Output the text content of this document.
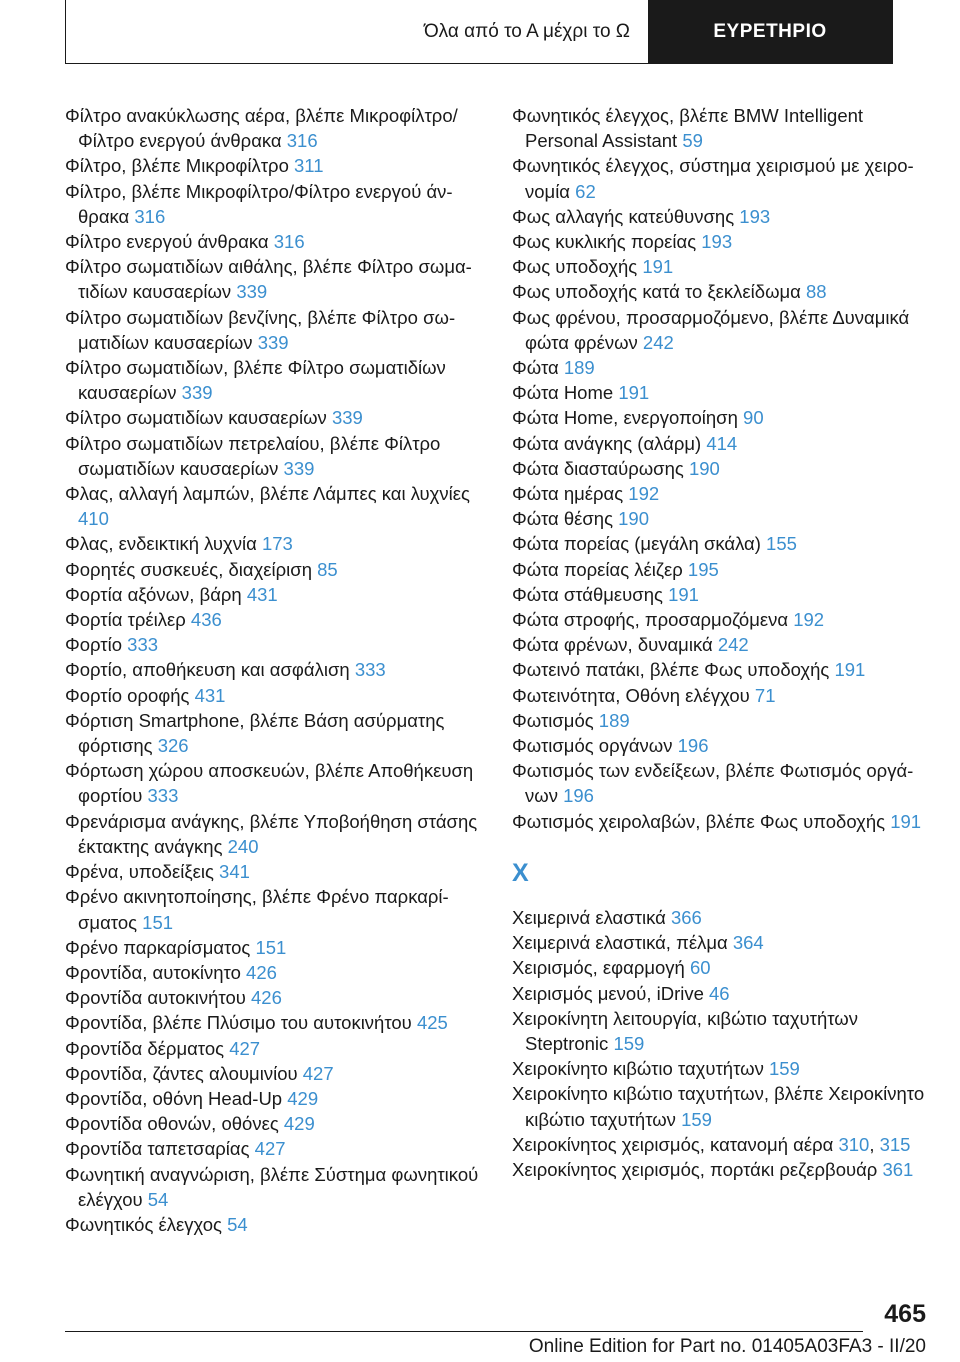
Όλα από το Α μέχρι το Ω	ΕΥΡΕΤΗΡΙΟ

Φίλτρο ανακύκλωσης αέρα, βλέπε Μικροφίλτρο/Φίλτρο ενεργού άνθρακα 316

Φίλτρο, βλέπε Μικροφίλτρο 311

Φίλτρο, βλέπε Μικροφίλτρο/Φίλτρο ενεργού άνθρακα 316

Φίλτρο ενεργού άνθρακα 316

Φίλτρο σωματιδίων αιθάλης, βλέπε Φίλτρο σωματιδίων καυσαερίων 339

Φίλτρο σωματιδίων βενζίνης, βλέπε Φίλτρο σωματιδίων καυσαερίων 339

Φίλτρο σωματιδίων, βλέπε Φίλτρο σωματιδίων καυσαερίων 339

Φίλτρο σωματιδίων καυσαερίων 339

Φίλτρο σωματιδίων πετρελαίου, βλέπε Φίλτρο σωματιδίων καυσαερίων 339

Φλας, αλλαγή λαμπών, βλέπε Λάμπες και λυχνίες 410

Φλας, ενδεικτική λυχνία 173

Φορητές συσκευές, διαχείριση 85

Φορτία αξόνων, βάρη 431

Φορτία τρέιλερ 436

Φορτίο 333

Φορτίο, αποθήκευση και ασφάλιση 333

Φορτίο οροφής 431

Φόρτιση Smartphone, βλέπε Βάση ασύρματης φόρτισης 326

Φόρτωση χώρου αποσκευών, βλέπε Αποθήκευση φορτίου 333

Φρενάρισμα ανάγκης, βλέπε Υποβοήθηση στάσης έκτακτης ανάγκης 240

Φρένα, υποδείξεις 341

Φρένο ακινητοποίησης, βλέπε Φρένο παρκαρίσματος 151

Φρένο παρκαρίσματος 151

Φροντίδα, αυτοκίνητο 426

Φροντίδα αυτοκινήτου 426

Φροντίδα, βλέπε Πλύσιμο του αυτοκινήτου 425

Φροντίδα δέρματος 427

Φροντίδα, ζάντες αλουμινίου 427

Φροντίδα, οθόνη Head-Up 429

Φροντίδα οθονών, οθόνες 429

Φροντίδα ταπετσαρίας 427

Φωνητική αναγνώριση, βλέπε Σύστημα φωνητικού ελέγχου 54

Φωνητικός έλεγχος 54

Φωνητικός έλεγχος, βλέπε BMW Intelligent Personal Assistant 59

Φωνητικός έλεγχος, σύστημα χειρισμού με χειρονομία 62

Φως αλλαγής κατεύθυνσης 193

Φως κυκλικής πορείας 193

Φως υποδοχής 191

Φως υποδοχής κατά το ξεκλείδωμα 88

Φως φρένου, προσαρμοζόμενο, βλέπε Δυναμικά φώτα φρένων 242

Φώτα 189

Φώτα Home 191

Φώτα Home, ενεργοποίηση 90

Φώτα ανάγκης (αλάρμ) 414

Φώτα διασταύρωσης 190

Φώτα ημέρας 192

Φώτα θέσης 190

Φώτα πορείας (μεγάλη σκάλα) 155

Φώτα πορείας λέιζερ 195

Φώτα στάθμευσης 191

Φώτα στροφής, προσαρμοζόμενα 192

Φώτα φρένων, δυναμικά 242

Φωτεινό πατάκι, βλέπε Φως υποδοχής 191

Φωτεινότητα, Οθόνη ελέγχου 71

Φωτισμός 189

Φωτισμός οργάνων 196

Φωτισμός των ενδείξεων, βλέπε Φωτισμός οργάνων 196

Φωτισμός χειρολαβών, βλέπε Φως υποδοχής 191

X

Χειμερινά ελαστικά 366

Χειμερινά ελαστικά, πέλμα 364

Χειρισμός, εφαρμογή 60

Χειρισμός μενού, iDrive 46

Χειροκίνητη λειτουργία, κιβώτιο ταχυτήτων Steptronic 159

Χειροκίνητο κιβώτιο ταχυτήτων 159

Χειροκίνητο κιβώτιο ταχυτήτων, βλέπε Χειροκίνητο κιβώτιο ταχυτήτων 159

Χειροκίνητος χειρισμός, κατανομή αέρα 310, 315

Χειροκίνητος χειρισμός, πορτάκι ρεζερβουάρ 361

465
Online Edition for Part no. 01405A03FA3 - II/20
